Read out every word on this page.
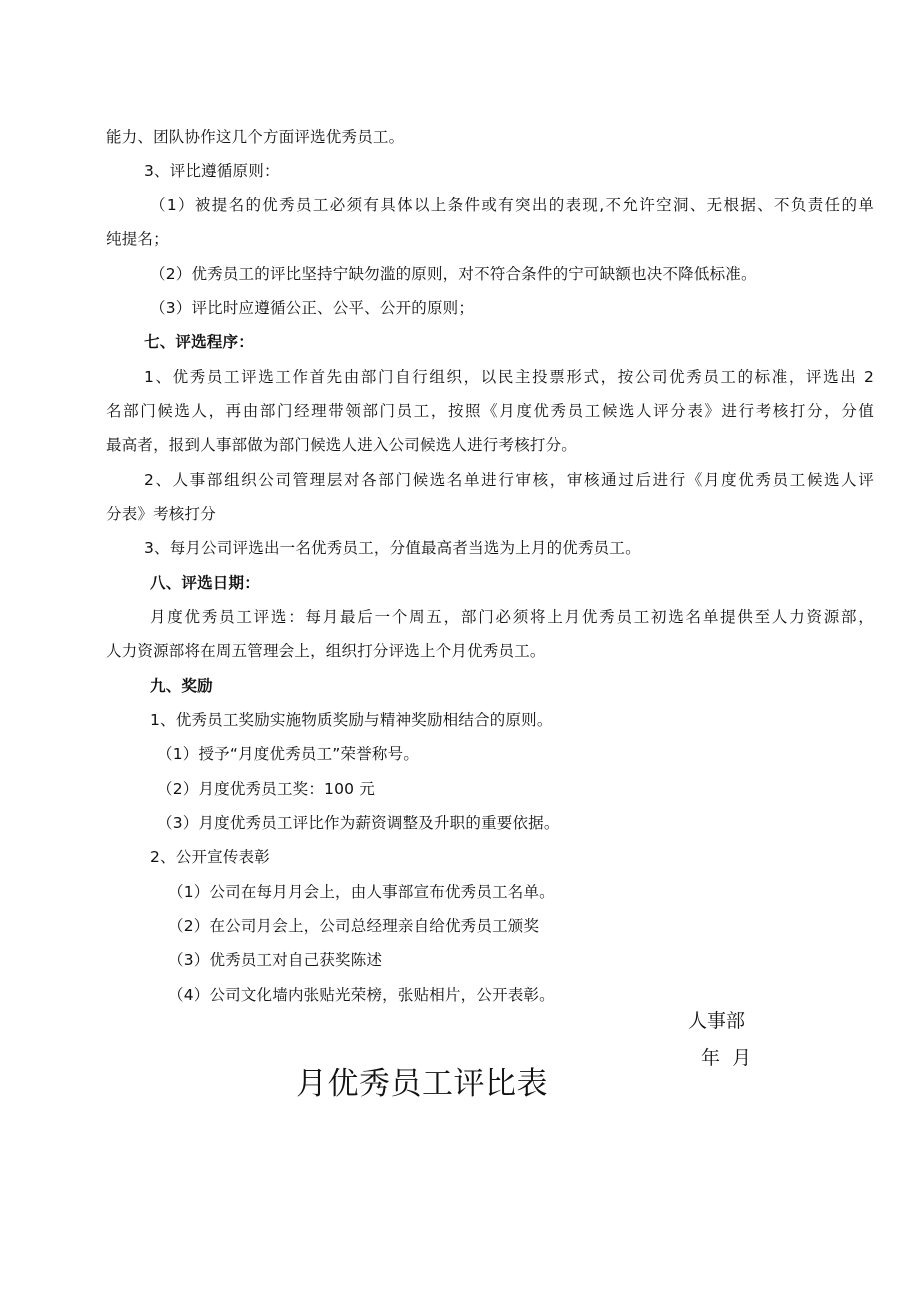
能力、团队协作这几个方面评选优秀员工。
3、评比遵循原则：
（1）被提名的优秀员工必须有具体以上条件或有突出的表现,不允许空洞、无根据、不负责任的单
纯提名；
（2）优秀员工的评比坚持宁缺勿滥的原则，对不符合条件的宁可缺额也决不降低标准。
（3）评比时应遵循公正、公平、公开的原则；
七、评选程序：
1、优秀员工评选工作首先由部门自行组织，以民主投票形式，按公司优秀员工的标准，评选出 2
名部门候选人，再由部门经理带领部门员工，按照《月度优秀员工候选人评分表》进行考核打分，分值
最高者，报到人事部做为部门候选人进入公司候选人进行考核打分。
2、人事部组织公司管理层对各部门候选名单进行审核，审核通过后进行《月度优秀员工候选人评
分表》考核打分
3、每月公司评选出一名优秀员工，分值最高者当选为上月的优秀员工。
八、评选日期：
月度优秀员工评选：每月最后一个周五，部门必须将上月优秀员工初选名单提供至人力资源部，
人力资源部将在周五管理会上，组织打分评选上个月优秀员工。
九、奖励
1、优秀员工奖励实施物质奖励与精神奖励相结合的原则。
（1）授予“月度优秀员工”荣誉称号。
（2）月度优秀员工奖：100 元
（3）月度优秀员工评比作为薪资调整及升职的重要依据。
2、公开宣传表彰
（1）公司在每月月会上，由人事部宣布优秀员工名单。
（2）在公司月会上，公司总经理亲自给优秀员工颁奖
（3）优秀员工对自己获奖陈述
（4）公司文化墙内张贴光荣榜，张贴相片，公开表彰。
人事部
年  月
月优秀员工评比表
